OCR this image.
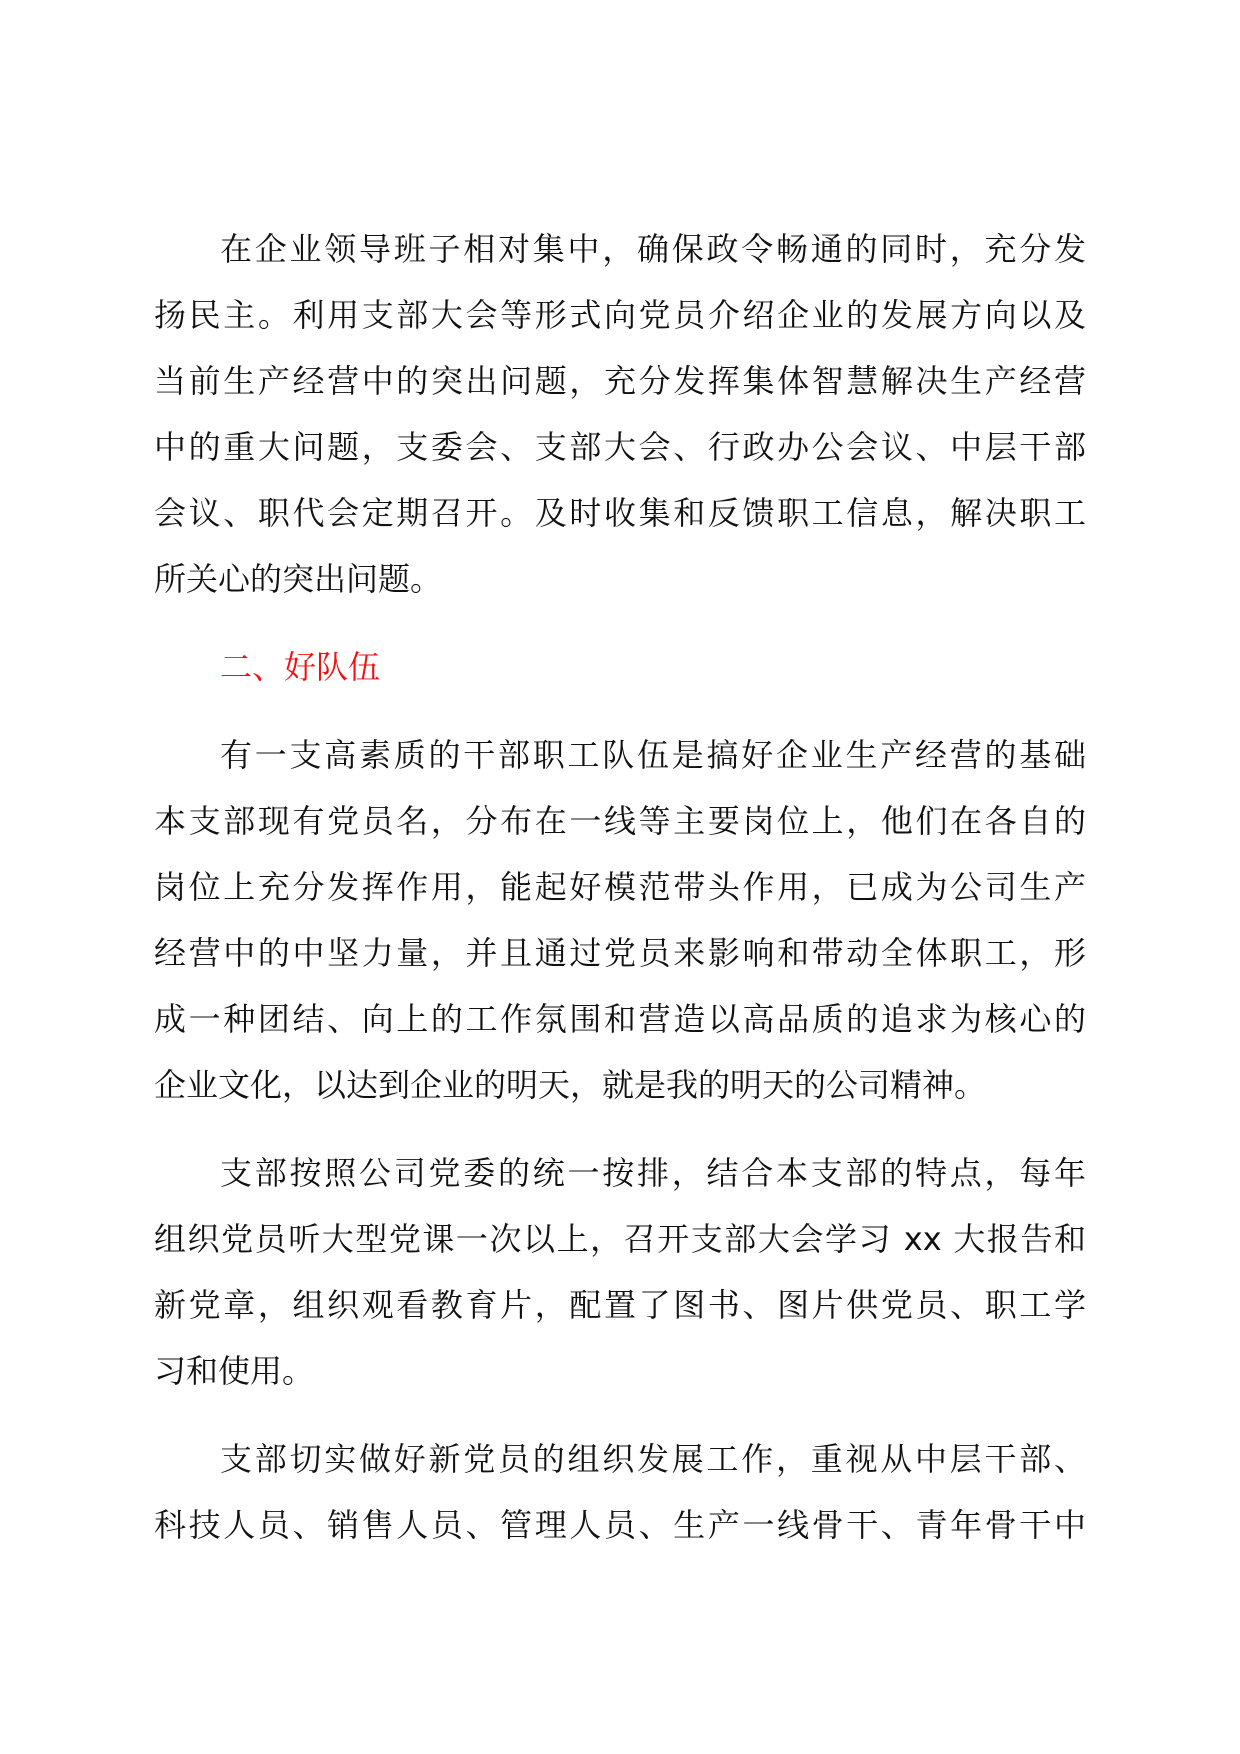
在企业领导班子相对集中，确保政令畅通的同时，充分发
扬民主。利用支部大会等形式向党员介绍企业的发展方向以及
当前生产经营中的突出问题，充分发挥集体智慧解决生产经营
中的重大问题，支委会、支部大会、行政办公会议、中层干部
会议、职代会定期召开。及时收集和反馈职工信息，解决职工
所关心的突出问题。
二、好队伍
有一支高素质的干部职工队伍是搞好企业生产经营的基础
本支部现有党员名，分布在一线等主要岗位上，他们在各自的
岗位上充分发挥作用，能起好模范带头作用，已成为公司生产
经营中的中坚力量，并且通过党员来影响和带动全体职工，形
成一种团结、向上的工作氛围和营造以高品质的追求为核心的
企业文化，以达到企业的明天，就是我的明天的公司精神。
支部按照公司党委的统一按排，结合本支部的特点，每年
组织党员听大型党课一次以上，召开支部大会学习 xx 大报告和
新党章，组织观看教育片，配置了图书、图片供党员、职工学
习和使用。
支部切实做好新党员的组织发展工作，重视从中层干部、
科技人员、销售人员、管理人员、生产一线骨干、青年骨干中
